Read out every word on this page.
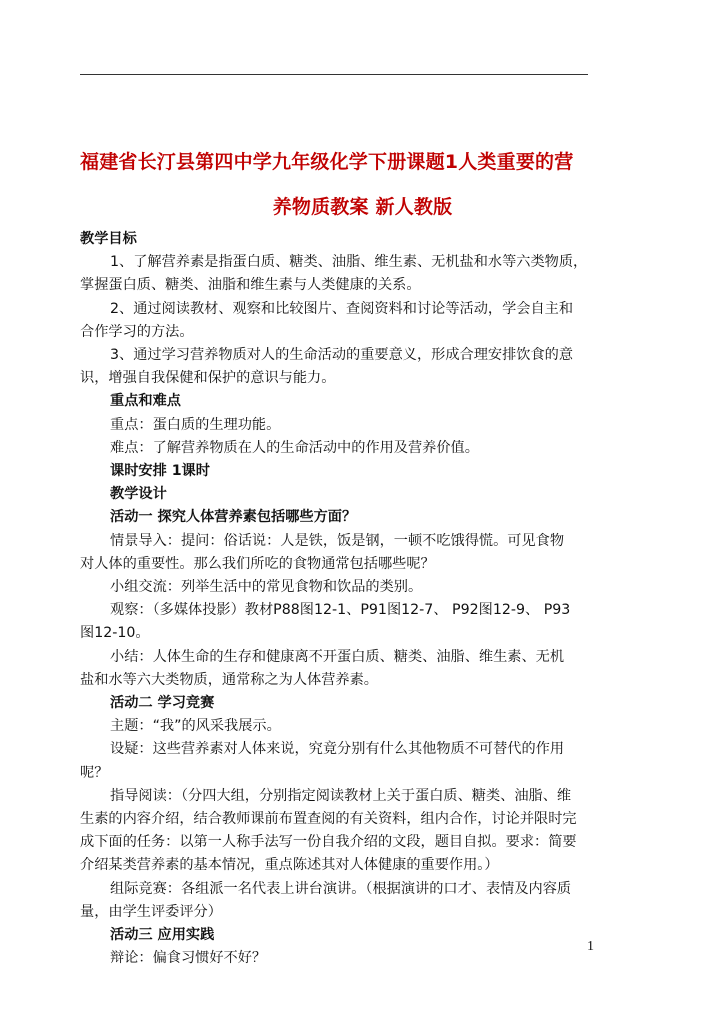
福建省长汀县第四中学九年级化学下册课题1人类重要的营
养物质教案 新人教版

教学目标

1、了解营养素是指蛋白质、糖类、油脂、维生素、无机盐和水等六类物质，

掌握蛋白质、糖类、油脂和维生素与人类健康的关系。

2、通过阅读教材、观察和比较图片、查阅资料和讨论等活动，学会自主和

合作学习的方法。

3、通过学习营养物质对人的生命活动的重要意义，形成合理安排饮食的意

识，增强自我保健和保护的意识与能力。

重点和难点

重点：蛋白质的生理功能。

难点：了解营养物质在人的生命活动中的作用及营养价值。

课时安排 1课时

教学设计

活动一 探究人体营养素包括哪些方面？

情景导入：提问：俗话说：人是铁，饭是钢，一顿不吃饿得慌。可见食物

对人体的重要性。那么我们所吃的食物通常包括哪些呢？

小组交流：列举生活中的常见食物和饮品的类别。

观察：（多媒体投影）教材P88图12-1、P91图12-7、 P92图12-9、 P93

图12-10。

小结：人体生命的生存和健康离不开蛋白质、糖类、油脂、维生素、无机

盐和水等六大类物质，通常称之为人体营养素。

活动二 学习竞赛

主题：“我”的风采我展示。

设疑：这些营养素对人体来说，究竟分别有什么其他物质不可替代的作用

呢？

指导阅读：（分四大组，分别指定阅读教材上关于蛋白质、糖类、油脂、维

生素的内容介绍，结合教师课前布置查阅的有关资料，组内合作，讨论并限时完

成下面的任务：以第一人称手法写一份自我介绍的文段，题目自拟。要求：简要

介绍某类营养素的基本情况，重点陈述其对人体健康的重要作用。）

组际竞赛：各组派一名代表上讲台演讲。（根据演讲的口才、表情及内容质

量，由学生评委评分）

活动三 应用实践

辩论：偏食习惯好不好？

1
